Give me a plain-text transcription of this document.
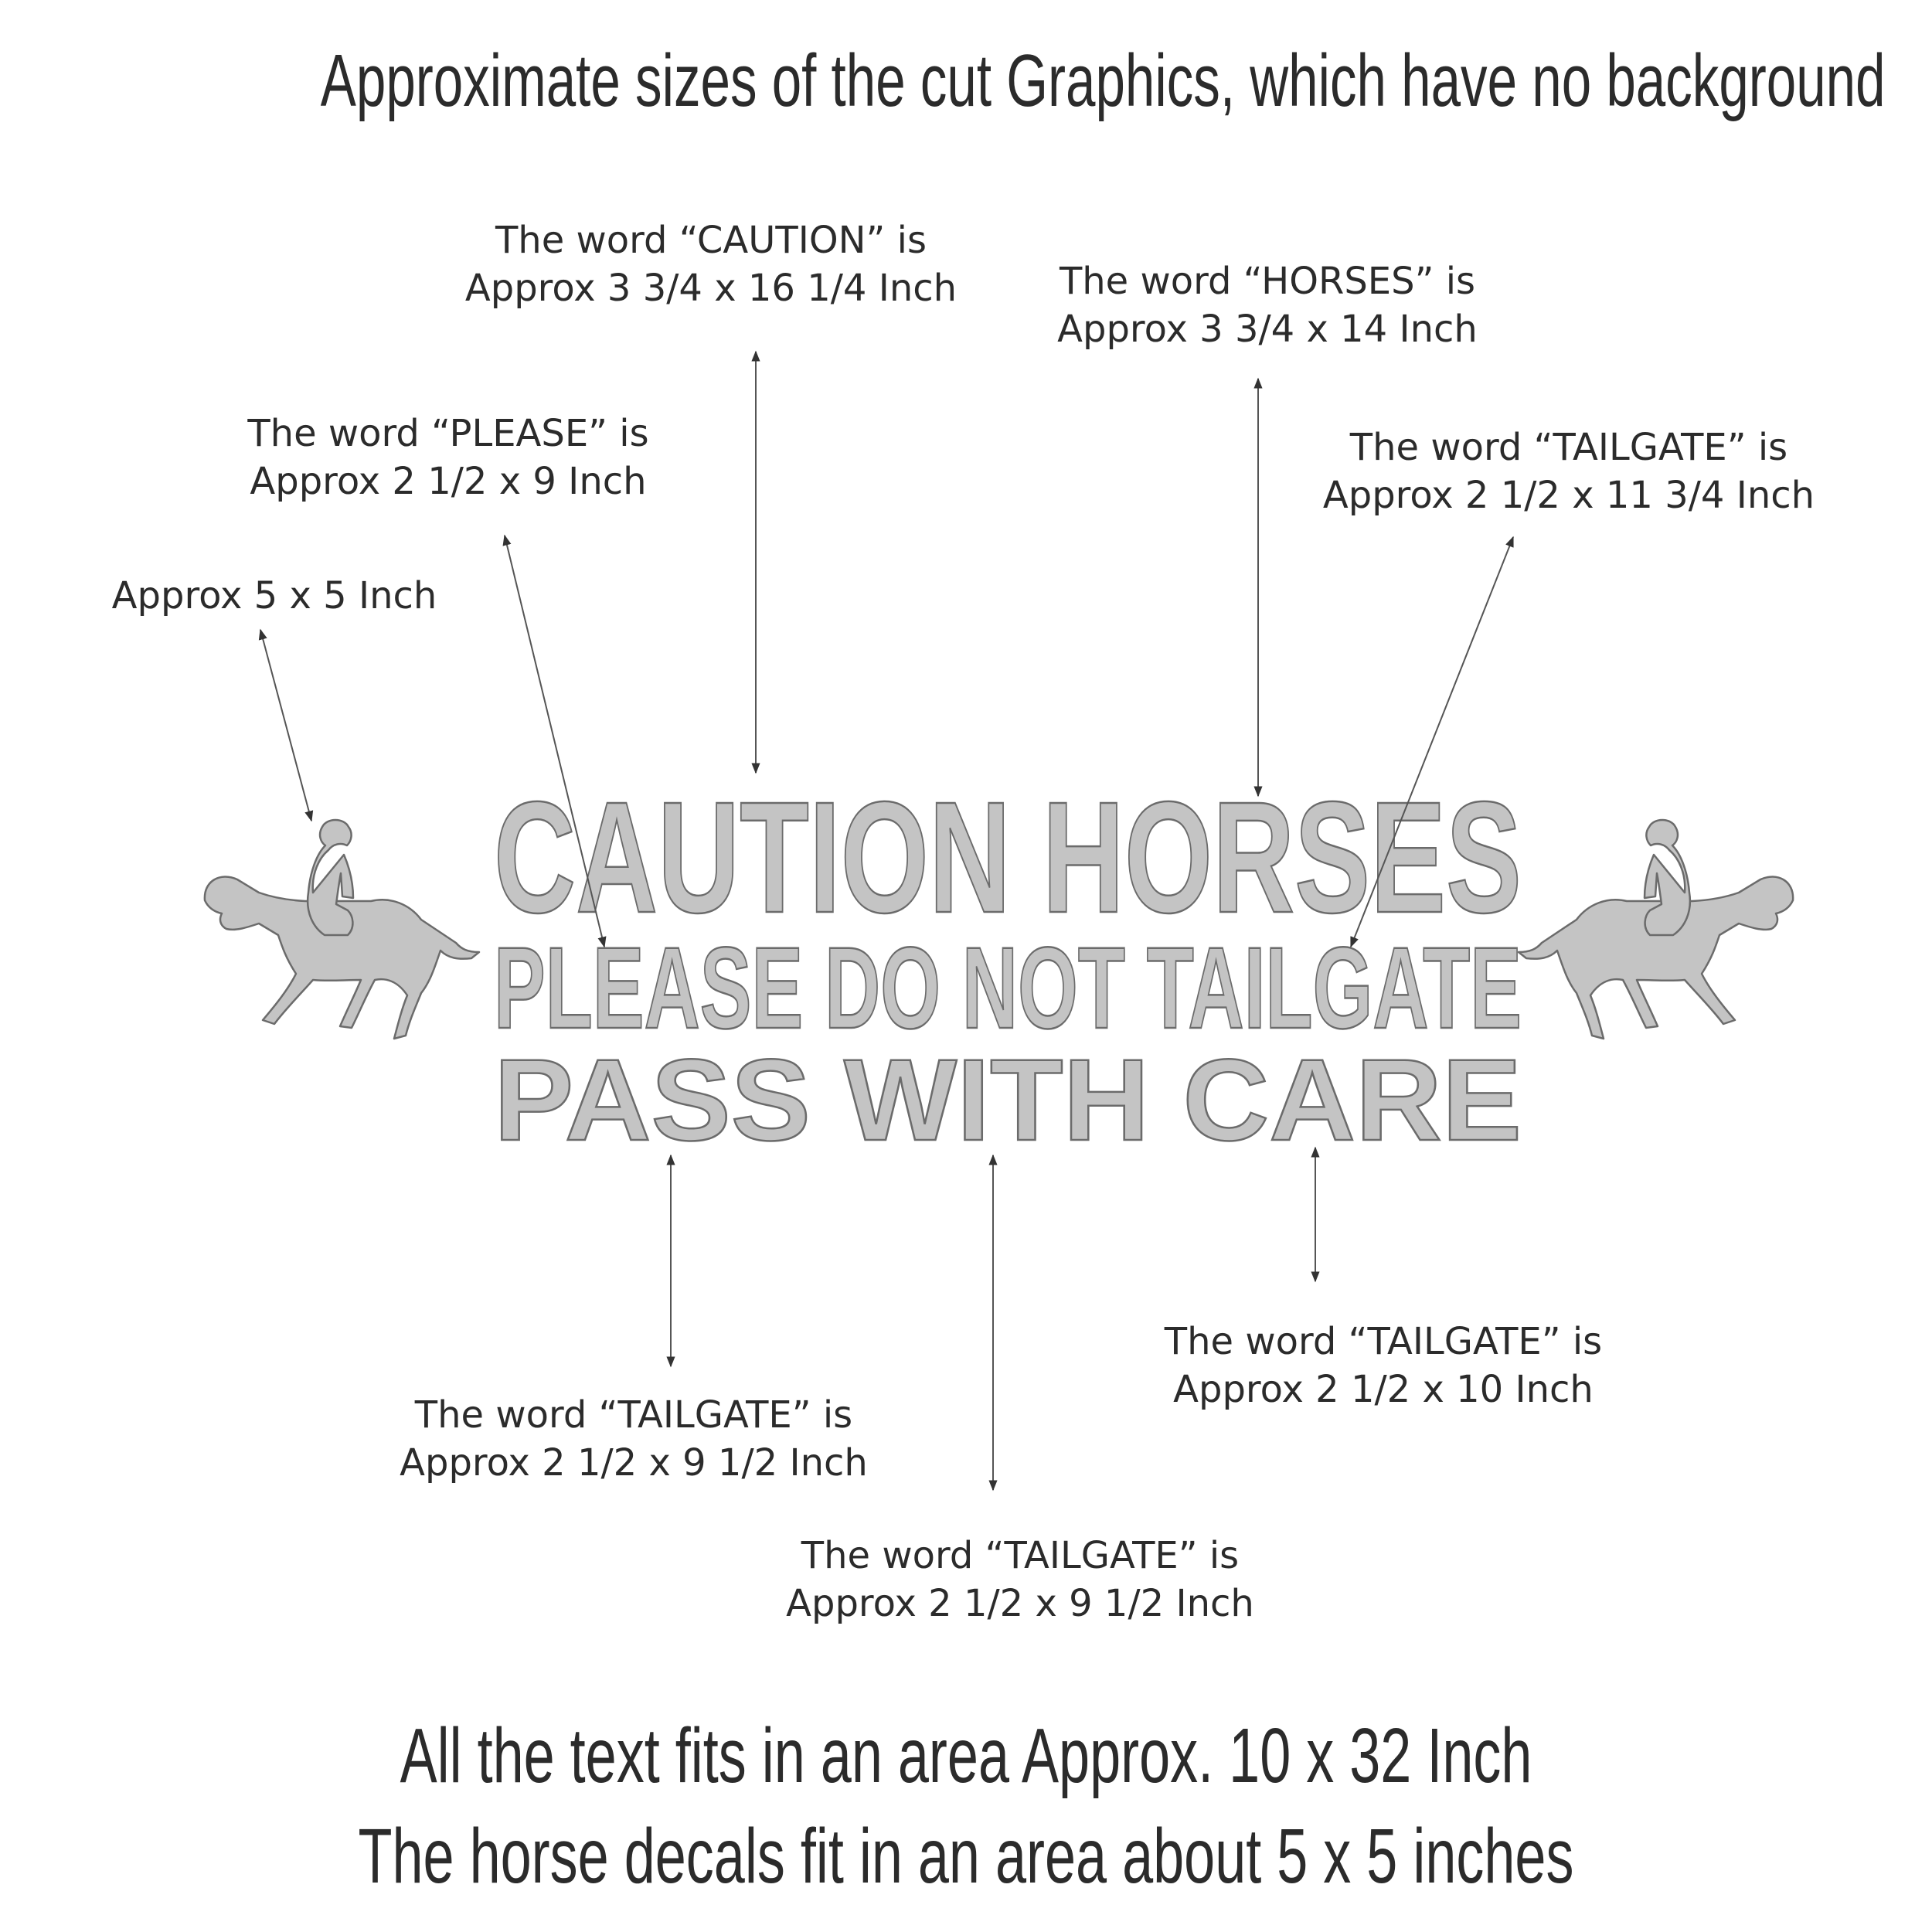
Approximate sizes of the cut Graphics, which have no background
The word “CAUTION” is
Approx 3 3/4 x 16 1/4 Inch	The word “HORSES” is
Approx 3 3/4 x 14 Inch
The word “PLEASE” is
Approx 2 1/2 x 9 Inch
The word “TAILGATE” is
Approx 2 1/2 x 11 3/4 Inch
Approx 5 x 5 Inch
The word “TAILGATE” is
Approx 2 1/2 x 9 1/2 Inch
The word “TAILGATE” is
Approx 2 1/2 x 9 1/2 Inch
The word “TAILGATE” is
Approx 2 1/2 x 10 Inch
CAUTION HORSES
PLEASE DO NOT TAILGATE
PASS WITH CARE
All the text fits in an area Approx. 10 x 32 Inch
The horse decals fit in an area about 5 x 5 inches
